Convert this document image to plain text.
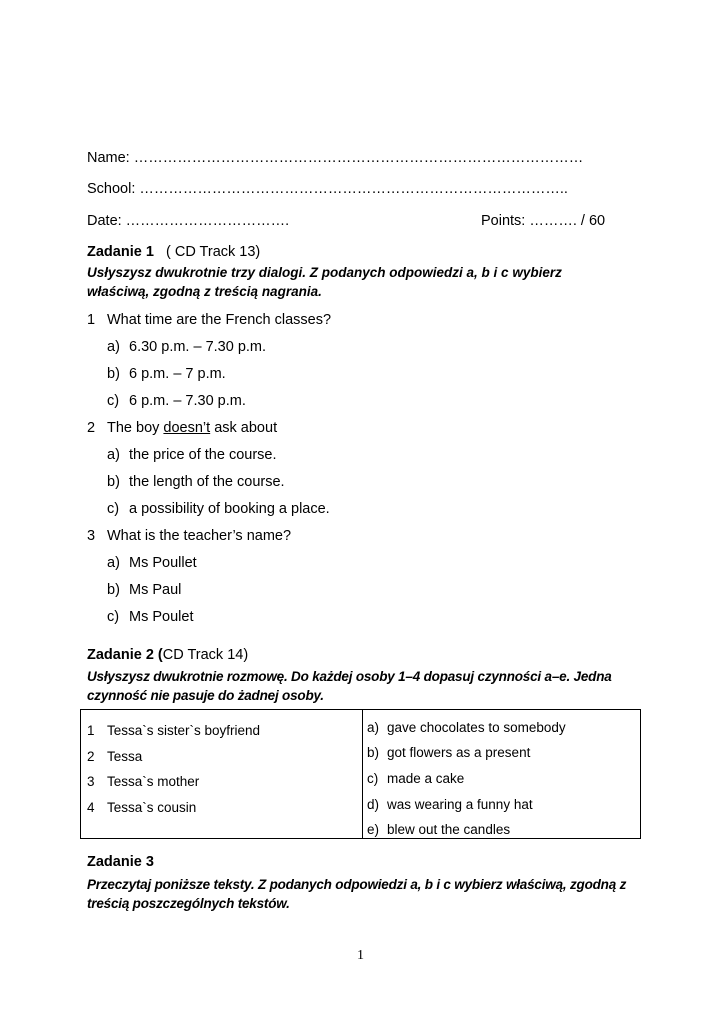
Name: …………………………………………………………………………………
School: ……………………………………………………………………………..
Date: …………………………….	Points: ………. / 60
Zadanie 1 ( CD Track 13)
Usłyszysz dwukrotnie trzy dialogi. Z podanych odpowiedzi a, b i c wybierz
właściwą, zgodną z treścią nagrania.
1 What time are the French classes?
a) 6.30 p.m. – 7.30 p.m.
b) 6 p.m. – 7 p.m.
c) 6 p.m. – 7.30 p.m.
2 The boy doesn’t ask about
a) the price of the course.
b) the length of the course.
c) a possibility of booking a place.
3 What is the teacher’s name?
a) Ms Poullet
b) Ms Paul
c) Ms Poulet
Zadanie 2 (CD Track 14)
Usłyszysz dwukrotnie rozmowę. Do każdej osoby 1–4 dopasuj czynności a–e. Jedna
czynność nie pasuje do żadnej osoby.

1 Tessa`s sister`s boyfriend
2 Tessa
3 Tessa`s mother
4 Tessa`s cousin
a) gave chocolates to somebody
b) got flowers as a present
c) made a cake
d) was wearing a funny hat
e) blew out the candles
Zadanie 3
Przeczytaj poniższe teksty. Z podanych odpowiedzi a, b i c wybierz właściwą, zgodną z
treścią poszczególnych tekstów.
1
